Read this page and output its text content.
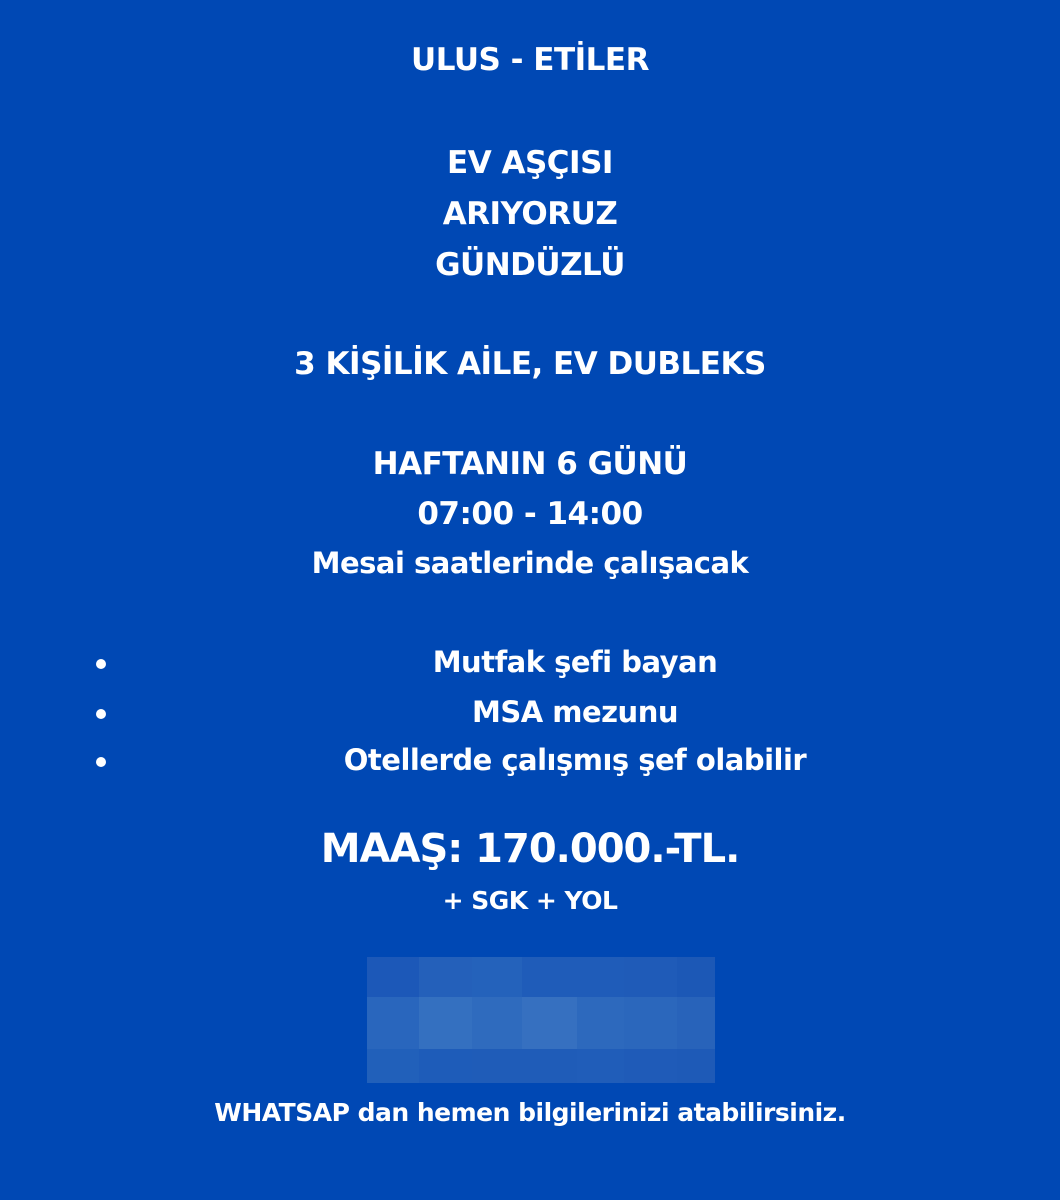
ULUS - ETİLER
EV AŞÇISI
ARIYORUZ
GÜNDÜZLÜ
3 KİŞİLİK AİLE, EV DUBLEKS
HAFTANIN 6 GÜNÜ
07:00 - 14:00
Mesai saatlerinde çalışacak
Mutfak şefi bayan
MSA mezunu
Otellerde çalışmış şef olabilir
MAAŞ: 170.000.-TL.
+ SGK + YOL
WHATSAP dan hemen bilgilerinizi atabilirsiniz.
